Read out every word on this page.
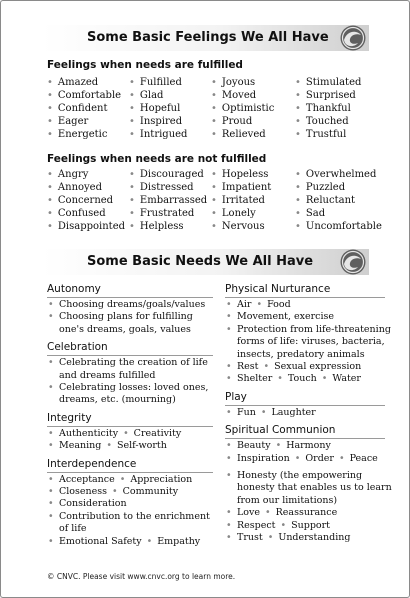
Some Basic Feelings We All Have
Feelings when needs are fulfilled
• Amazed	• Fulfilled	• Joyous	• Stimulated
• Comfortable	• Glad	• Moved	• Surprised
• Confident	• Hopeful	• Optimistic	• Thankful
• Eager	• Inspired	• Proud	• Touched
• Energetic	• Intrigued	• Relieved	• Trustful
Feelings when needs are not fulfilled
• Angry	• Discouraged	• Hopeless	• Overwhelmed
• Annoyed	• Distressed	• Impatient	• Puzzled
• Concerned	• Embarrassed	• Irritated	• Reluctant
• Confused	• Frustrated	• Lonely	• Sad
• Disappointed	• Helpless	• Nervous	• Uncomfortable
Some Basic Needs We All Have
Autonomy
• Choosing dreams/goals/values
• Choosing plans for fulfilling
one's dreams, goals, values
Celebration
• Celebrating the creation of life
and dreams fulfilled
• Celebrating losses: loved ones,
dreams, etc. (mourning)
Integrity
• Authenticity • Creativity
• Meaning • Self-worth
Interdependence
• Acceptance • Appreciation
• Closeness • Community
• Consideration
• Contribution to the enrichment
of life
• Emotional Safety • Empathy
Physical Nurturance
• Air • Food
• Movement, exercise
• Protection from life-threatening
forms of life: viruses, bacteria,
insects, predatory animals
• Rest • Sexual expression
• Shelter • Touch • Water
Play
• Fun • Laughter
Spiritual Communion
• Beauty • Harmony
• Inspiration • Order • Peace
• Honesty (the empowering
honesty that enables us to learn
from our limitations)
• Love • Reassurance
• Respect • Support
• Trust • Understanding
© CNVC. Please visit www.cnvc.org to learn more.
